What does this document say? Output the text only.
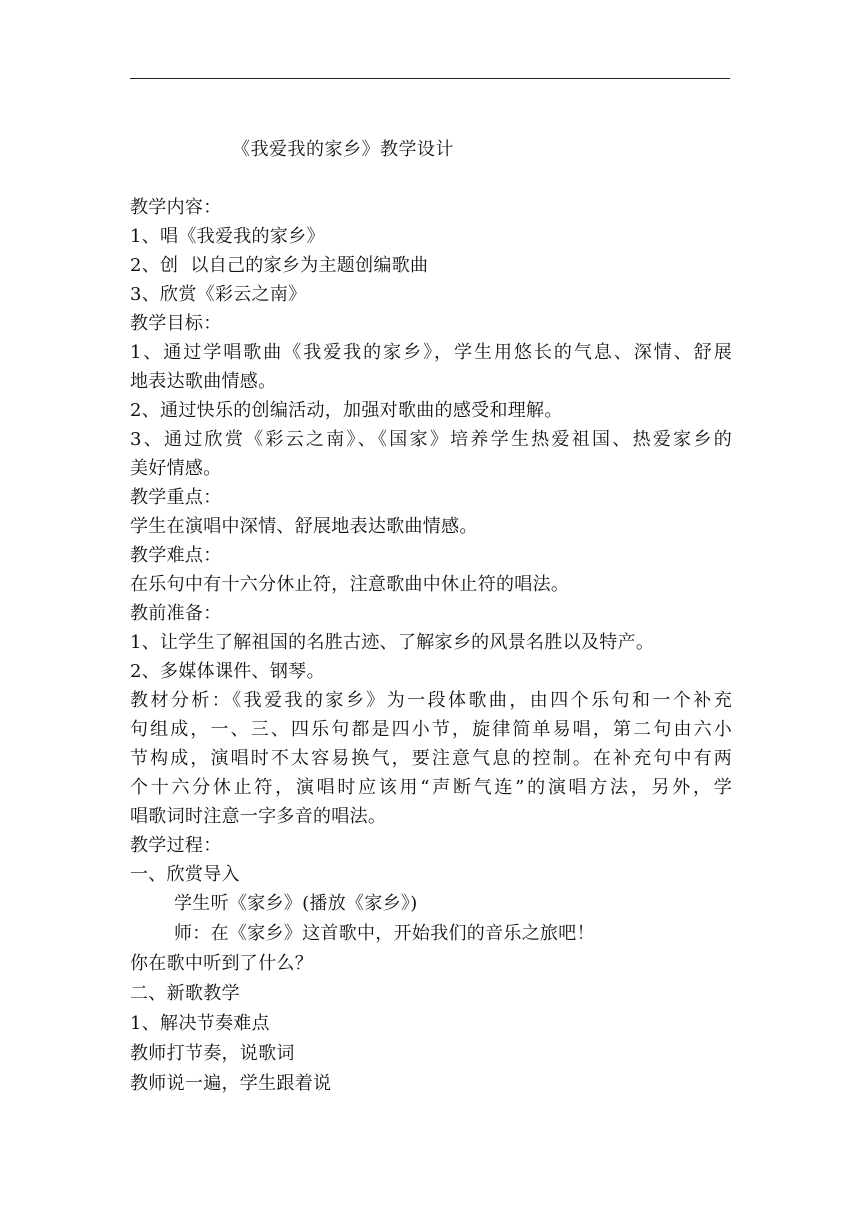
《我爱我的家乡》教学设计
教学内容：
1、唱《我爱我的家乡》
2、创  以自己的家乡为主题创编歌曲
3、欣赏《彩云之南》
教学目标：
1、通过学唱歌曲《我爱我的家乡》，学生用悠长的气息、深情、舒展
地表达歌曲情感。
2、通过快乐的创编活动，加强对歌曲的感受和理解。
3、通过欣赏《彩云之南》、《国家》培养学生热爱祖国、热爱家乡的
美好情感。
教学重点：
学生在演唱中深情、舒展地表达歌曲情感。
教学难点：
在乐句中有十六分休止符，注意歌曲中休止符的唱法。
教前准备：
1、让学生了解祖国的名胜古迹、了解家乡的风景名胜以及特产。
2、多媒体课件、钢琴。
教材分析：《我爱我的家乡》为一段体歌曲，由四个乐句和一个补充
句组成，一、三、四乐句都是四小节，旋律简单易唱，第二句由六小
节构成，演唱时不太容易换气，要注意气息的控制。在补充句中有两
个十六分休止符，演唱时应该用“声断气连”的演唱方法，另外，学
唱歌词时注意一字多音的唱法。
教学过程：
一、欣赏导入
学生听《家乡》(播放《家乡》)
师：在《家乡》这首歌中，开始我们的音乐之旅吧！
你在歌中听到了什么？
二、新歌教学
1、解决节奏难点
教师打节奏，说歌词
教师说一遍，学生跟着说
